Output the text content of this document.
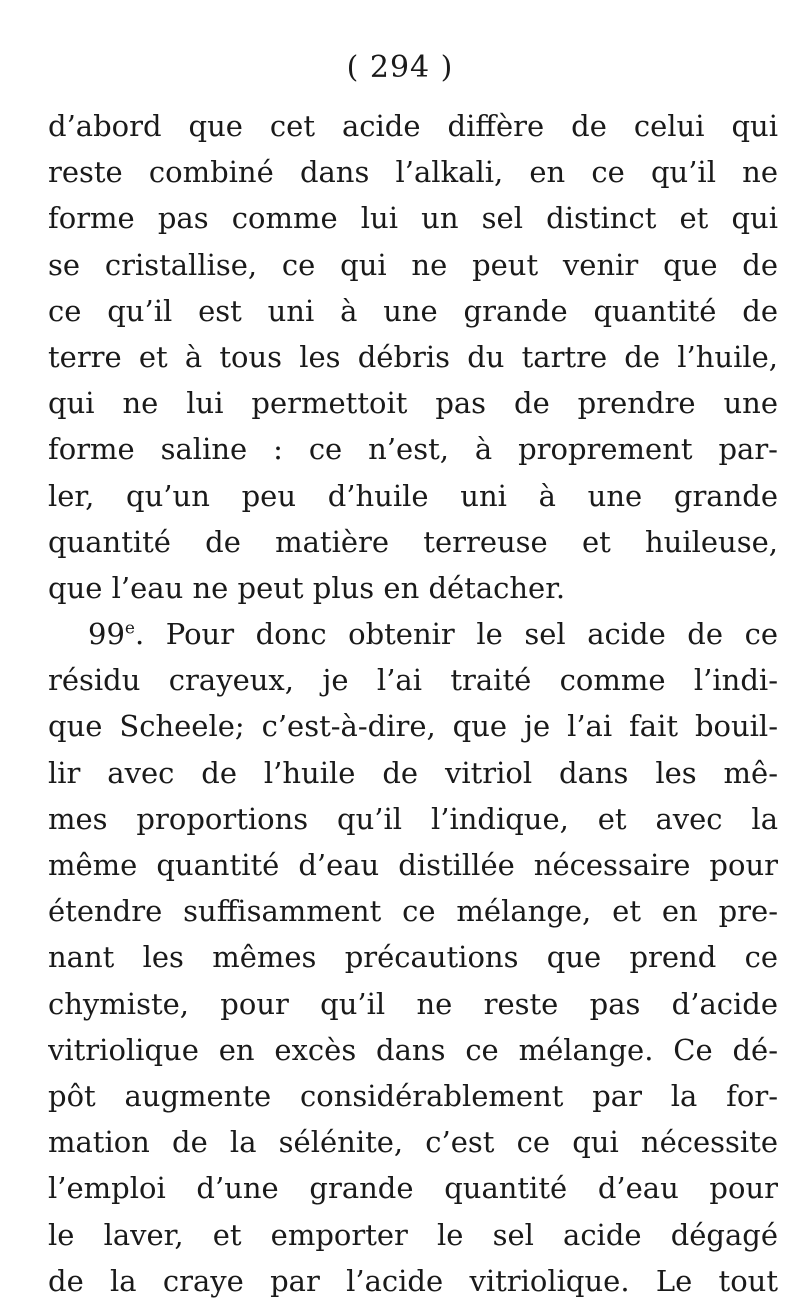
( 294 )
d’abord que cet acide diffère de celui qui
reste combiné dans l’alkali, en ce qu’il ne
forme pas comme lui un sel distinct et qui
se cristallise, ce qui ne peut venir que de
ce qu’il est uni à une grande quantité de
terre et à tous les débris du tartre de l’huile,
qui ne lui permettoit pas de prendre une
forme saline : ce n’est, à proprement par-
ler, qu’un peu d’huile uni à une grande
quantité de matière terreuse et huileuse,
que l’eau ne peut plus en détacher.
99e. Pour donc obtenir le sel acide de ce
résidu crayeux, je l’ai traité comme l’indi-
que Scheele; c’est-à-dire, que je l’ai fait bouil-
lir avec de l’huile de vitriol dans les mê-
mes proportions qu’il l’indique, et avec la
même quantité d’eau distillée nécessaire pour
étendre suffisamment ce mélange, et en pre-
nant les mêmes précautions que prend ce
chymiste, pour qu’il ne reste pas d’acide
vitriolique en excès dans ce mélange. Ce dé-
pôt augmente considérablement par la for-
mation de la sélénite, c’est ce qui nécessite
l’emploi d’une grande quantité d’eau pour
le laver, et emporter le sel acide dégagé
de la craye par l’acide vitriolique. Le tout
